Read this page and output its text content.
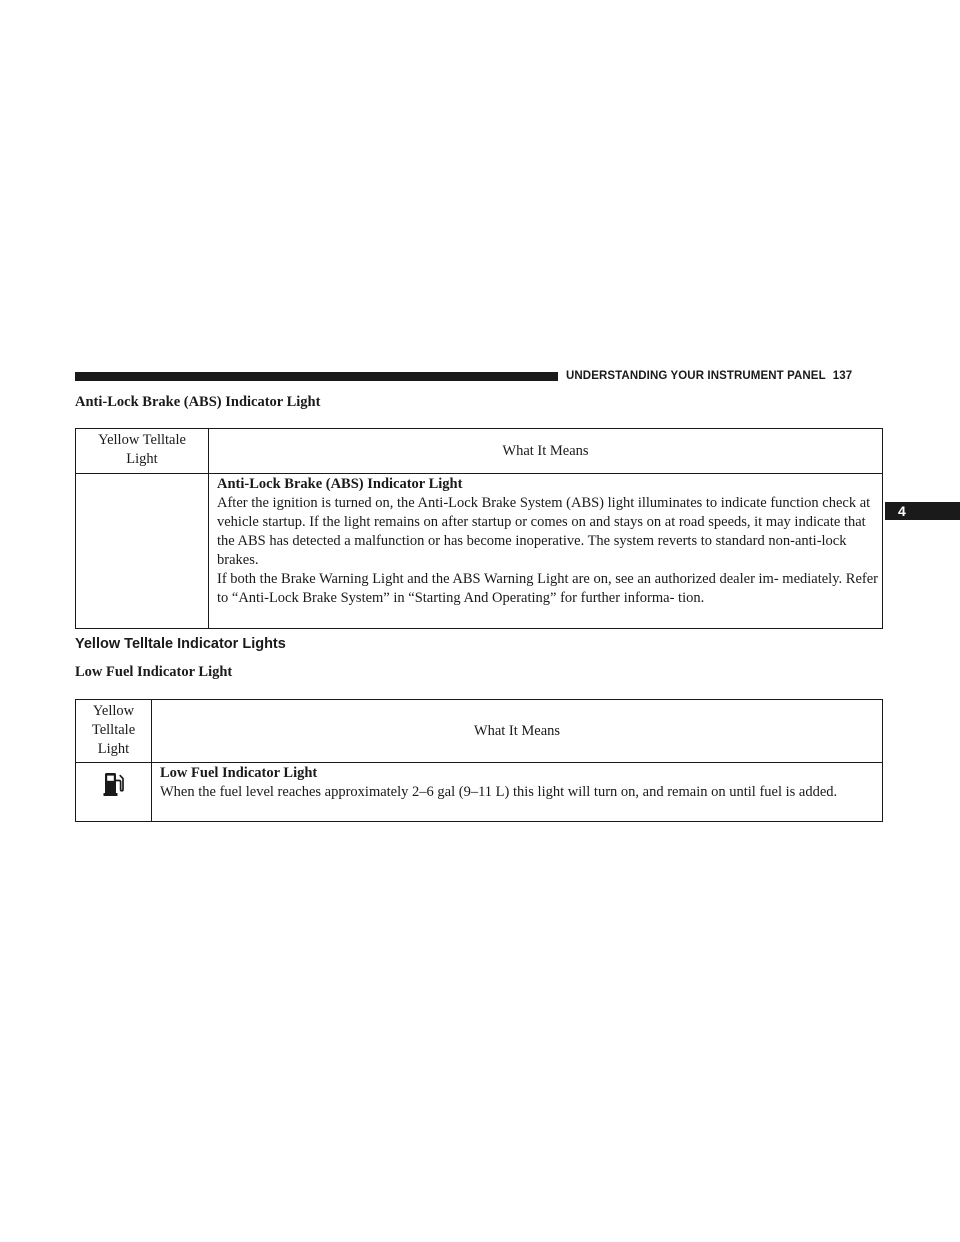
UNDERSTANDING YOUR INSTRUMENT PANEL 137
4
Anti-Lock Brake (ABS) Indicator Light
Yellow Telltale Light	What It Means

	Anti-Lock Brake (ABS) Indicator Light
After the ignition is turned on, the Anti-Lock Brake System (ABS) light illuminates to indicate function check at vehicle startup. If the light remains on after startup or comes on and stays on at road speeds, it may indicate that the ABS has detected a malfunction or has become inoperative. The system reverts to standard non-anti-lock brakes.
If both the Brake Warning Light and the ABS Warning Light are on, see an authorized dealer im- mediately. Refer to “Anti-Lock Brake System” in “Starting And Operating” for further informa- tion.
Yellow Telltale Indicator Lights
Low Fuel Indicator Light
Yellow Telltale Light	What It Means

Low Fuel Indicator Light
When the fuel level reaches approximately 2–6 gal (9–11 L) this light will turn on, and remain on until fuel is added.
